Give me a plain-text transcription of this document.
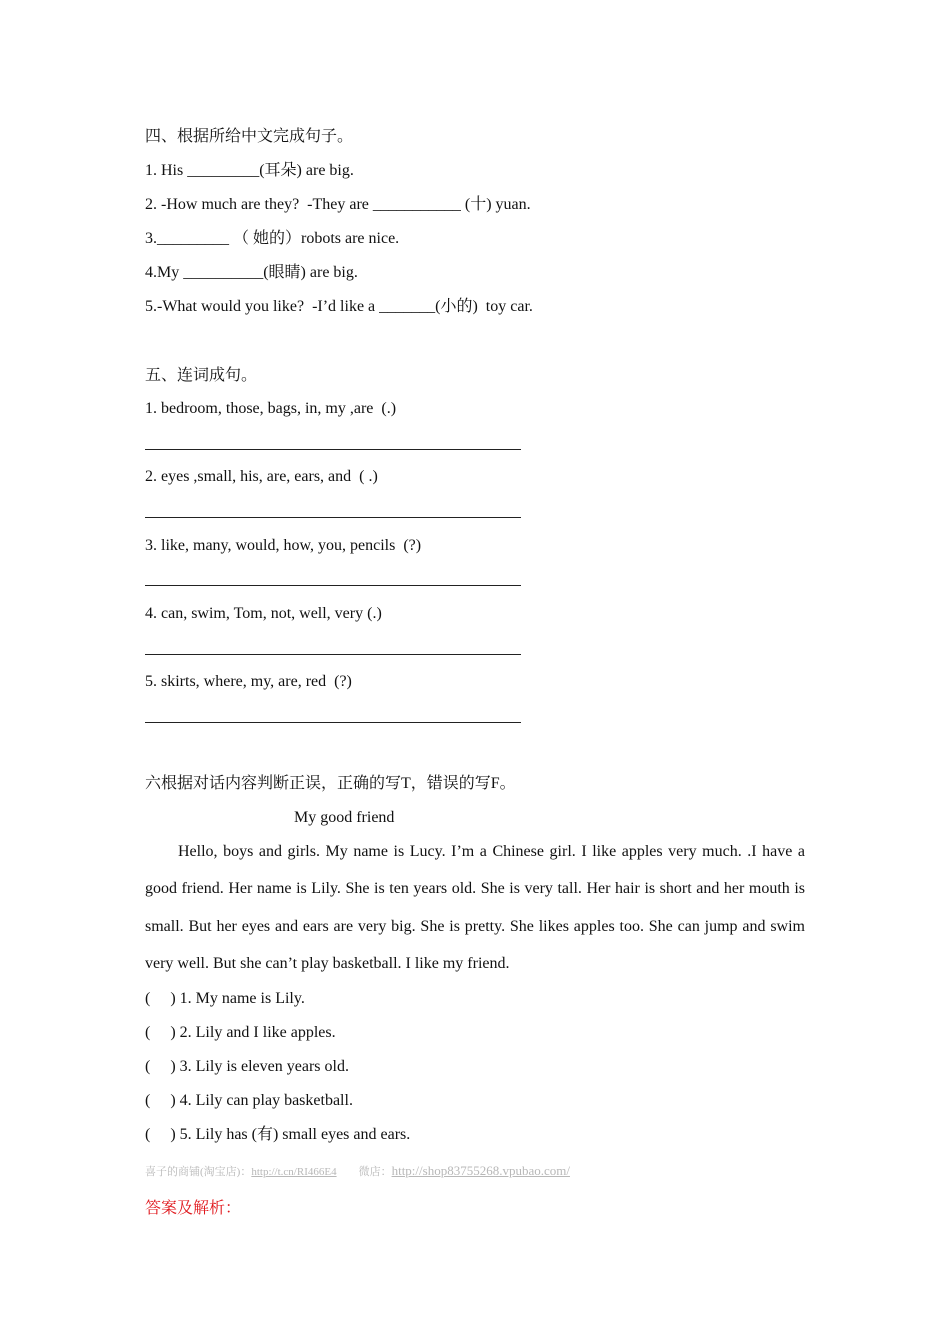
四、根据所给中文完成句子。
1. His _________(耳朵) are big.
2. -How much are they?  -They are ___________ (十) yuan.
3._________ （ 她的）robots are nice.
4.My __________(眼睛) are big.
5.-What would you like?  -I’d like a _______(小的)  toy car.
五、连词成句。
1. bedroom, those, bags, in, my ,are  (.)
2. eyes ,small, his, are, ears, and  ( .)
3. like, many, would, how, you, pencils  (?)
4. can, swim, Tom, not, well, very (.)
5. skirts, where, my, are, red  (?)
六根据对话内容判断正误，正确的写T，错误的写F。
My good friend
Hello, boys and girls. My name is Lucy. I’m a Chinese girl. I like apples very much. .I have a good friend. Her name is Lily. She is ten years old. She is very tall. Her hair is short and her mouth is small. But her eyes and ears are very big. She is pretty. She likes apples too. She can jump and swim very well. But she can’t play basketball. I like my friend.
(     ) 1. My name is Lily.
(     ) 2. Lily and I like apples.
(     ) 3. Lily is eleven years old.
(     ) 4. Lily can play basketball.
(     ) 5. Lily has (有) small eyes and ears.
喜子的商铺(淘宝店)：http://t.cn/RI466E4 微店：http://shop83755268.vpubao.com/
答案及解析：
